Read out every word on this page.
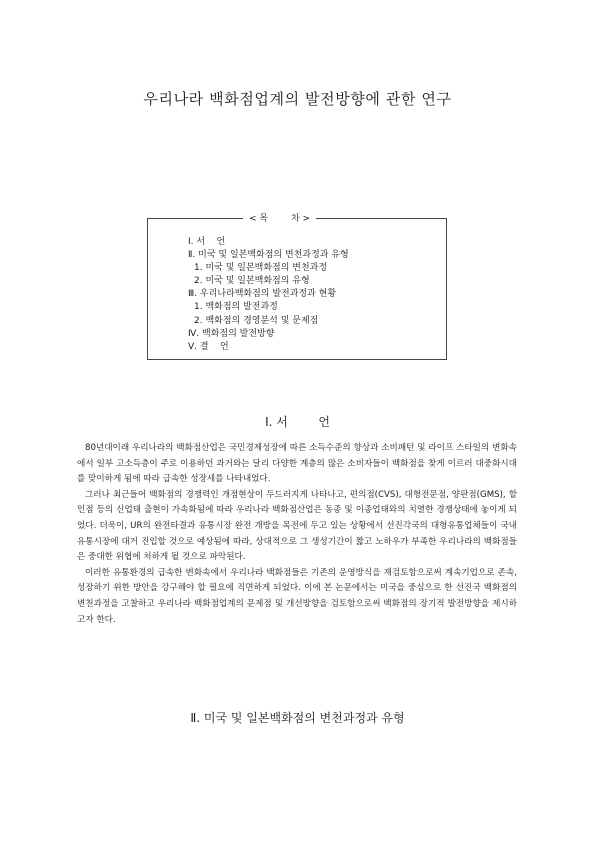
우리나라 백화점업계의 발전방향에 관한 연구
< 목        차 >
Ⅰ. 서    언
Ⅱ. 미국 및 일본백화점의 변천과정과 유형
1. 미국 및 일본백화점의 변천과정
2. 미국 및 일본백화점의 유형
Ⅲ. 우리나라백화점의 발전과정과 현황
1. 백화점의 발전과정
2. 백화점의 경영분석 및 문제점
Ⅳ. 백화점의 발전방향
Ⅴ. 결    언
Ⅰ. 서        언

80년대이래 우리나라의 백화점산업은 국민경제성장에 따른 소득수준의 향상과 소비패턴 및 라이프 스타일의 변화속에서 일부 고소득층이 주로 이용하던 과거와는 달리 다양한 계층의 많은 소비자들이 백화점을 찾게 이르러 대중화시대를 맞이하게 됨에 따라 급속한 성장세를 나타내었다.

그러나 최근들어 백화점의 경쟁력인 개점현상이 두드러지게 나타나고, 편의점(CVS), 대형전문점, 양판점(GMS), 할인점 등의 신업태 출현이 가속화됨에 따라 우리나라 백화점산업은 동종 및 이종업태와의 치열한 경쟁상태에 놓이게 되었다. 더욱이, UR의 완전타결과 유통시장 완전 개방을 목전에 두고 있는 상황에서 선진각국의 대형유통업체들이 국내 유통시장에 대거 진입할 것으로 예상됨에 따라, 상대적으로 그 생성기간이 짧고 노하우가 부족한 우리나라의 백화점들은 중대한 위협에 처하게 될 것으로 파악된다.

이러한 유통환경의 급속한 변화속에서 우리나라 백화점들은 기존의 운영방식을 재검토함으로써 계속기업으로 존속, 성장하기 위한 방안을 강구해야 할 필요에 직면하게 되었다. 이에 본 논문에서는 미국을 중심으로 한 선진국 백화점의 변천과정을 고찰하고 우리나라 백화점업계의 문제점 및 개선방향을 검토함으로써 백화점의 장기적 발전방향을 제시하고자 한다.

Ⅱ. 미국 및 일본백화점의 변천과정과 유형
